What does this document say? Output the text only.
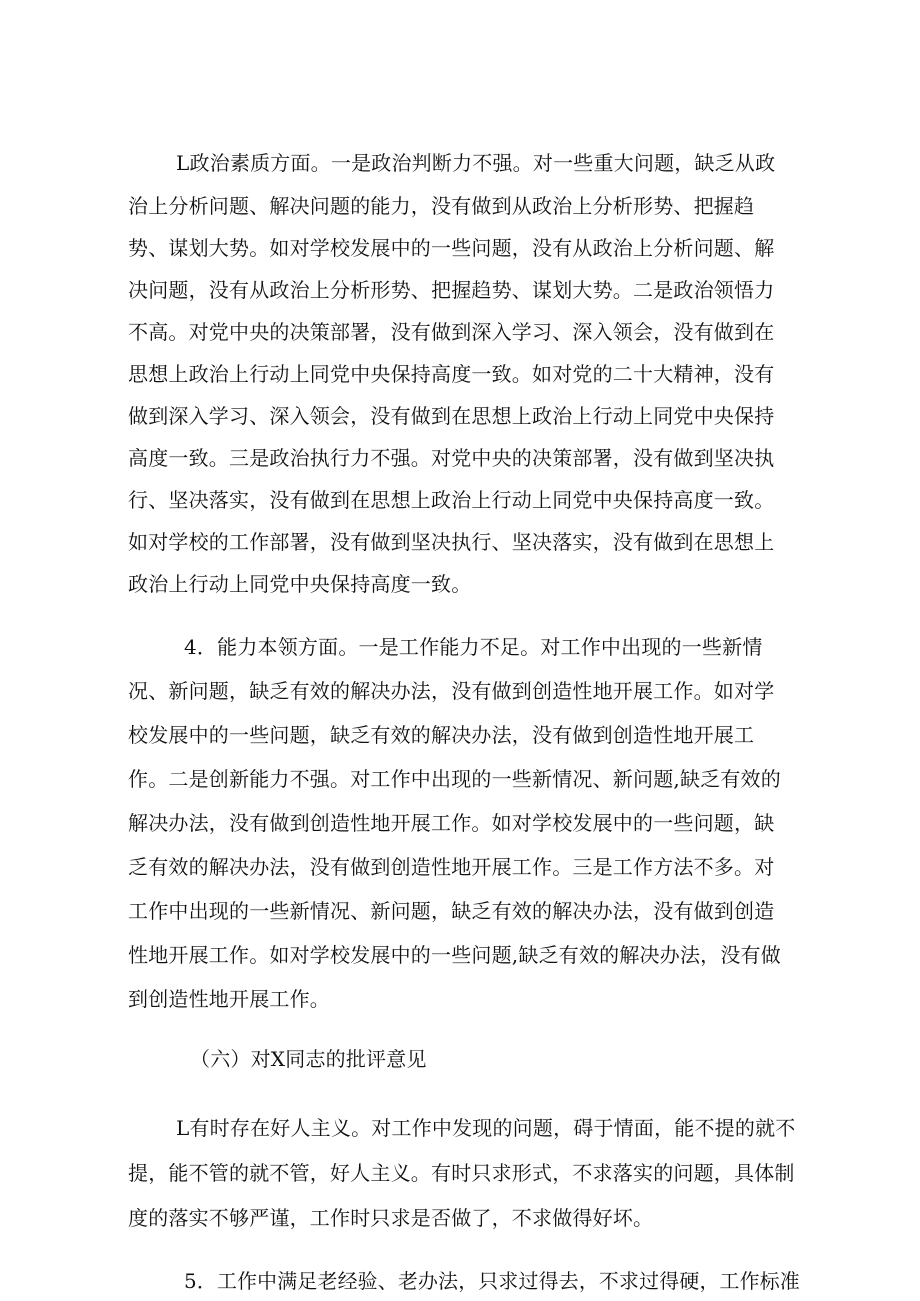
L政治素质方面。一是政治判断力不强。对一些重大问题，缺乏从政
治上分析问题、解决问题的能力，没有做到从政治上分析形势、把握趋
势、谋划大势。如对学校发展中的一些问题，没有从政治上分析问题、解
决问题，没有从政治上分析形势、把握趋势、谋划大势。二是政治领悟力
不高。对党中央的决策部署，没有做到深入学习、深入领会，没有做到在
思想上政治上行动上同党中央保持高度一致。如对党的二十大精神，没有
做到深入学习、深入领会，没有做到在思想上政治上行动上同党中央保持
高度一致。三是政治执行力不强。对党中央的决策部署，没有做到坚决执
行、坚决落实，没有做到在思想上政治上行动上同党中央保持高度一致。
如对学校的工作部署，没有做到坚决执行、坚决落实，没有做到在思想上
政治上行动上同党中央保持高度一致。
4．能力本领方面。一是工作能力不足。对工作中出现的一些新情
况、新问题，缺乏有效的解决办法，没有做到创造性地开展工作。如对学
校发展中的一些问题，缺乏有效的解决办法，没有做到创造性地开展工
作。二是创新能力不强。对工作中出现的一些新情况、新问题,缺乏有效的
解决办法，没有做到创造性地开展工作。如对学校发展中的一些问题，缺
乏有效的解决办法，没有做到创造性地开展工作。三是工作方法不多。对
工作中出现的一些新情况、新问题，缺乏有效的解决办法，没有做到创造
性地开展工作。如对学校发展中的一些问题,缺乏有效的解决办法，没有做
到创造性地开展工作。
（六）对X同志的批评意见
L有时存在好人主义。对工作中发现的问题，碍于情面，能不提的就不
提，能不管的就不管，好人主义。有时只求形式，不求落实的问题，具体制
度的落实不够严谨，工作时只求是否做了，不求做得好坏。
5．工作中满足老经验、老办法，只求过得去，不求过得硬，工作标准
